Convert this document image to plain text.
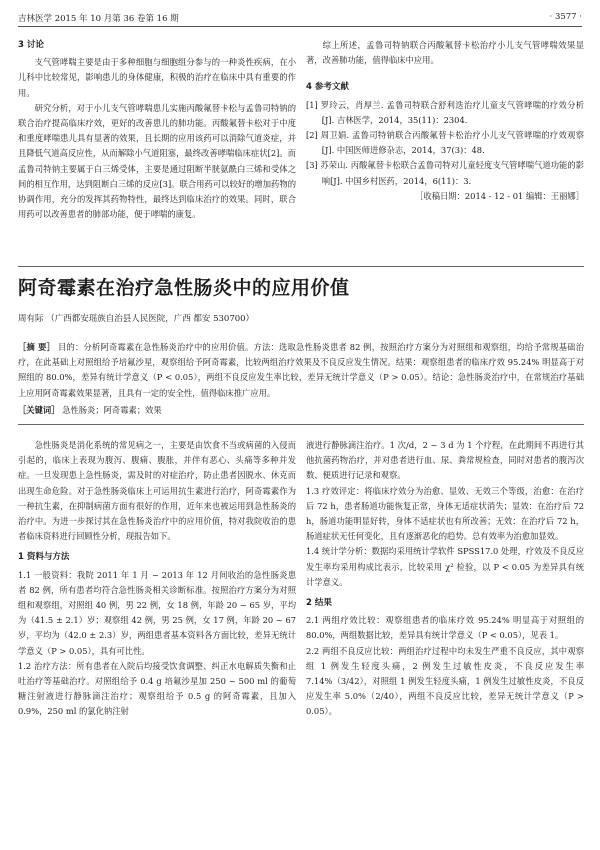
吉林医学 2015 年 10 月第 36 卷第 16 期	· 3577 ·
3 讨论

支气管哮喘主要是由于多种细胞与细胞组分参与的一种炎性疾病，在小儿科中比较常见，影响患儿的身体健康，积极的治疗在临床中具有重要的作用。

研究分析，对于小儿支气管哮喘患儿实施丙酸氟替卡松与孟鲁司特钠的联合治疗提高临床疗效，更好的改善患儿的肺功能。丙酸氟替卡松对于中度和重度哮喘患儿具有显著的效果，且长期的应用该药可以消除气道炎症，并且降低气道高反应性，从而解除小气道阻塞，最终改善哮喘临床症状[2]。而孟鲁司特钠主要属于白三烯受体，主要是通过阻断半胱氨酰白三烯和受体之间的相互作用，达到阻断白三烯的反应[3]。联合用药可以较好的增加药物的协调作用，充分的发挥其药物特性，最终达到临床治疗的效果。同时，联合用药可以改善患者的肺部功能，便于哮喘的康复。

综上所述，孟鲁司特钠联合丙酸氟替卡松治疗小儿支气管哮喘效果显著，改善肺功能，值得临床中应用。

4 参考文献
[1] 罗玲云，肖厚兰. 孟鲁司特联合舒利迭治疗儿童支气管哮喘的疗效分析[J]. 吉林医学，2014，35(11)：2304.
[2] 周卫娟. 孟鲁司特钠联合丙酸氟替卡松治疗小儿支气管哮喘的疗效观察[J]. 中国医师进修杂志，2014，37(3)：48.
[3] 苏荣山. 丙酸氟替卡松联合孟鲁司特对儿童轻度支气管哮喘气道功能的影响[J]. 中国乡村医药，2014，6(11)：3.
［收稿日期：2014 - 12 - 01 编辑：王丽娜］
阿奇霉素在治疗急性肠炎中的应用价值
周有际 （广西都安瑶族自治县人民医院，广西 都安 530700）
［摘 要］ 目的：分析阿奇霉素在急性肠炎治疗中的应用价值。方法：选取急性肠炎患者 82 例，按照治疗方案分为对照组和观察组，均给予常规基础治疗，在此基础上对照组给予培氟沙星，观察组给予阿奇霉素，比较两组治疗效果及不良反应发生情况。结果：观察组患者的临床疗效 95.24% 明显高于对照组的 80.0%，差异有统计学意义（P < 0.05），两组不良反应发生率比较，差异无统计学意义（P > 0.05）。结论：急性肠炎治疗中，在常规治疗基础上应用阿奇霉素效果显著，且具有一定的安全性，值得临床推广应用。
［关键词］ 急性肠炎；阿奇霉素；效果

急性肠炎是消化系统的常见病之一，主要是由饮食不当或病菌的入侵而引起的，临床上表现为腹泻、腹痛、腹胀，并伴有恶心、头痛等多种并发症。一旦发现患上急性肠炎，需及时的对症治疗，防止患者因脱水、休克而出现生命危险。对于急性肠炎临床上可运用抗生素进行治疗，阿奇霉素作为一种抗生素，在抑制病菌方面有很好的作用，近年来也被运用到急性肠炎的治疗中。为进一步探讨其在急性肠炎治疗中的应用价值，特对我院收治的患者临床资料进行回顾性分析，现报告如下。

1 资料与方法

1.1 一般资料：我院 2011 年 1 月 ~ 2013 年 12 月间收治的急性肠炎患者 82 例，所有患者均符合急性肠炎相关诊断标准。按照治疗方案分为对照组和观察组，对照组 40 例，男 22 例，女 18 例，年龄 20 ~ 65 岁，平均为（41.5 ± 2.1）岁；观察组 42 例，男 25 例，女 17 例，年龄 20 ~ 67 岁，平均为（42.0 ± 2.3）岁，两组患者基本资料各方面比较，差异无统计学意义（P > 0.05），具有可比性。

1.2 治疗方法：所有患者在入院后均接受饮食调整、纠正水电解质失衡和止吐治疗等基础治疗。对照组给予 0.4 g 培氟沙星加 250 ~ 500 ml 的葡萄糖注射液进行静脉滴注治疗；观察组给予 0.5 g 的阿奇霉素，且加入 0.9%，250 ml 的氯化钠注射

液进行静脉滴注治疗。1 次/d，2 ~ 3 d 为 1 个疗程，在此期间不再进行其他抗菌药物治疗，并对患者进行血、尿、粪常规检查，同时对患者的腹泻次数、便质进行记录和观察。

1.3 疗效评定：将临床疗效分为治愈、显效、无效三个等级，治愈：在治疗后 72 h，患者肠道功能恢复正常，身体无适症状消失；显效：在治疗后 72 h，肠道功能明显好转，身体不适症状也有所改善；无效：在治疗后 72 h，肠道症状无任何变化，且有逐渐恶化的趋势。总有效率为治愈加显效。

1.4 统计学分析：数据均采用统计学软件 SPSS17.0 处理，疗效及不良反应发生率均采用构成比表示，比较采用 χ² 检验，以 P < 0.05 为差异具有统计学意义。

2 结果

2.1 两组疗效比较：观察组患者的临床疗效 95.24% 明显高于对照组的 80.0%，两组数据比较，差异具有统计学意义（P < 0.05），见表 1。

2.2 两组不良反应比较：两组治疗过程中均未发生严重不良反应，其中观察组 1 例发生轻度头痛，2 例发生过敏性皮炎，不良反应发生率 7.14%（3/42），对照组 1 例发生轻度头痛，1 例发生过敏性皮炎，不良反应发生率 5.0%（2/40），两组不良反应比较，差异无统计学意义（P > 0.05）。
